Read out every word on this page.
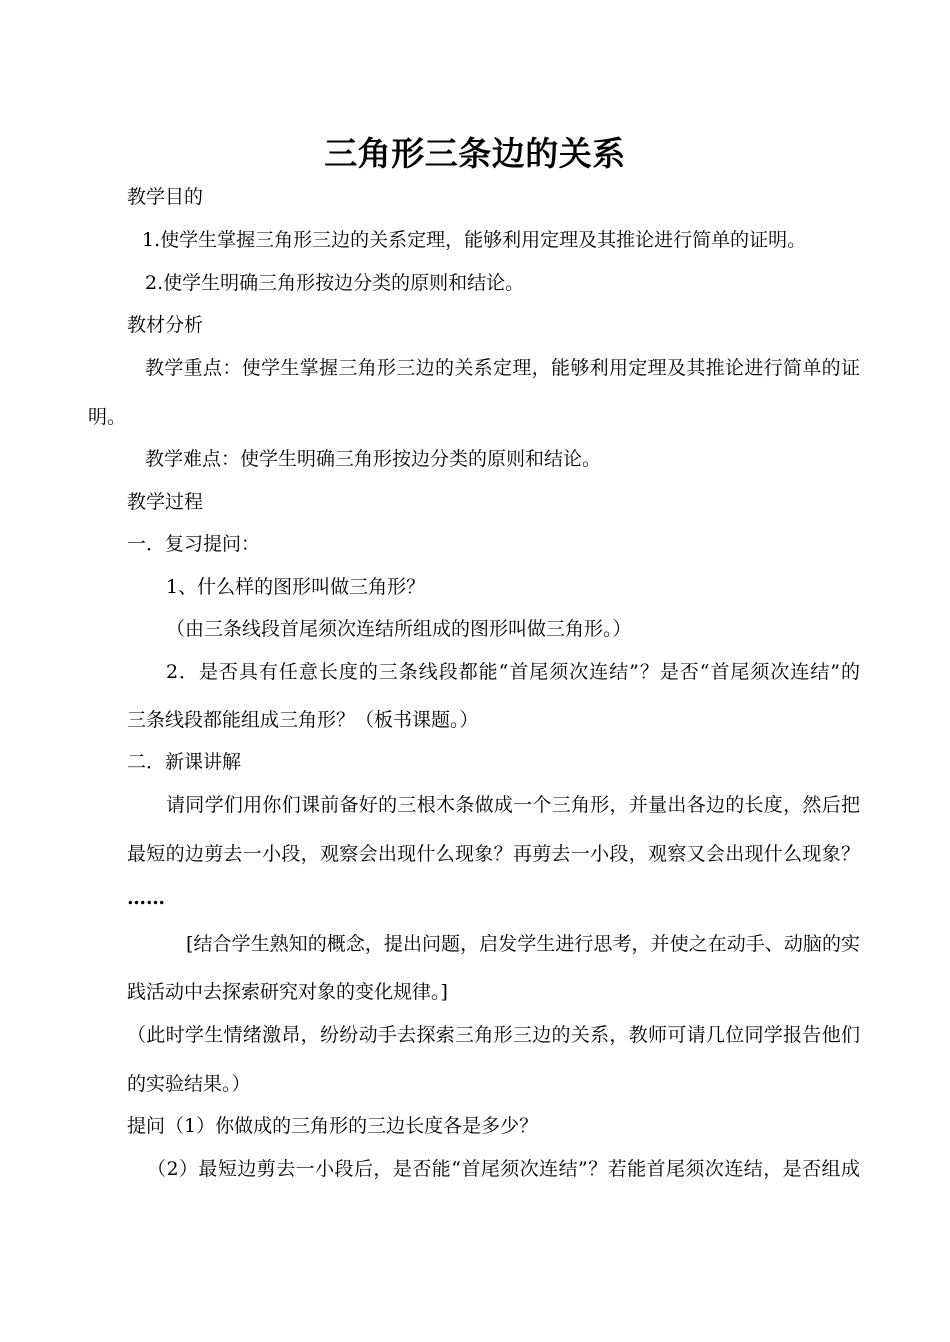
三角形三条边的关系
教学目的
1.使学生掌握三角形三边的关系定理，能够利用定理及其推论进行简单的证明。
2.使学生明确三角形按边分类的原则和结论。
教材分析
教学重点：使学生掌握三角形三边的关系定理，能够利用定理及其推论进行简单的证
明。
教学难点：使学生明确三角形按边分类的原则和结论。
教学过程
一．复习提问：
1、什么样的图形叫做三角形？
（由三条线段首尾须次连结所组成的图形叫做三角形。）
2．是否具有任意长度的三条线段都能“首尾须次连结”？是否“首尾须次连结”的
三条线段都能组成三角形？（板书课题。）
二．新课讲解
请同学们用你们课前备好的三根木条做成一个三角形，并量出各边的长度，然后把
最短的边剪去一小段，观察会出现什么现象？再剪去一小段，观察又会出现什么现象？
……
[结合学生熟知的概念，提出问题，启发学生进行思考，并使之在动手、动脑的实
践活动中去探索研究对象的变化规律。]
（此时学生情绪激昂，纷纷动手去探索三角形三边的关系，教师可请几位同学报告他们
的实验结果。）
提问（1）你做成的三角形的三边长度各是多少？
（2）最短边剪去一小段后，是否能“首尾须次连结”？若能首尾须次连结，是否组成
